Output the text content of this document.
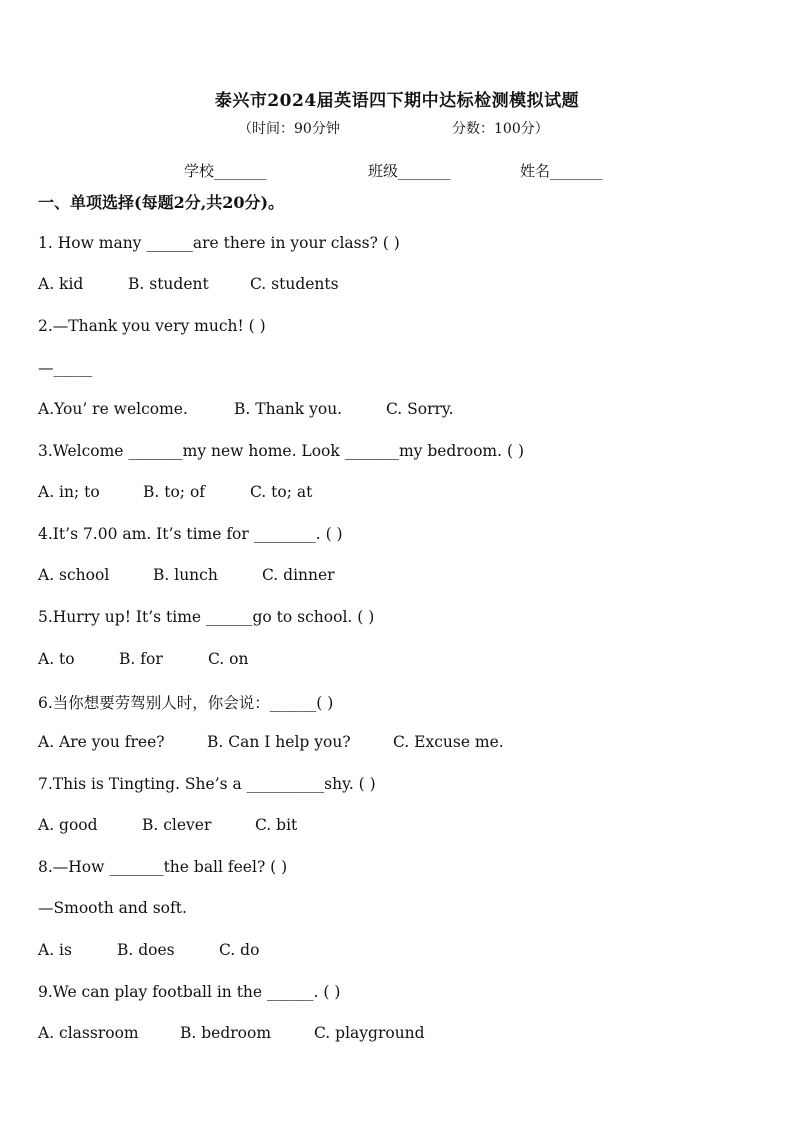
泰兴市2024届英语四下期中达标检测模拟试题
（时间：90分钟	分数：100分）
学校_______	班级_______	姓名_______
一、单项选择(每题2分,共20分)。
1. How many ______are there in your class? ( )
A. kid	B. student	C. students
2.—Thank you very much! ( )
—_____
A.You’ re welcome.	B. Thank you.	C. Sorry.
3.Welcome _______my new home. Look _______my bedroom. ( )
A. in; to	B. to; of	C. to; at
4.It’s 7.00 am. It’s time for ________. ( )
A. school	B. lunch	C. dinner
5.Hurry up! It’s time ______go to school. ( )
A. to	B. for	C. on
6.当你想要劳驾别人时，你会说：______( )
A. Are you free?	B. Can I help you?	C. Excuse me.
7.This is Tingting. She’s a __________shy. ( )
A. good	B. clever	C. bit
8.—How _______the ball feel? ( )
—Smooth and soft.
A. is	B. does	C. do
9.We can play football in the ______. ( )
A. classroom	B. bedroom	C. playground
